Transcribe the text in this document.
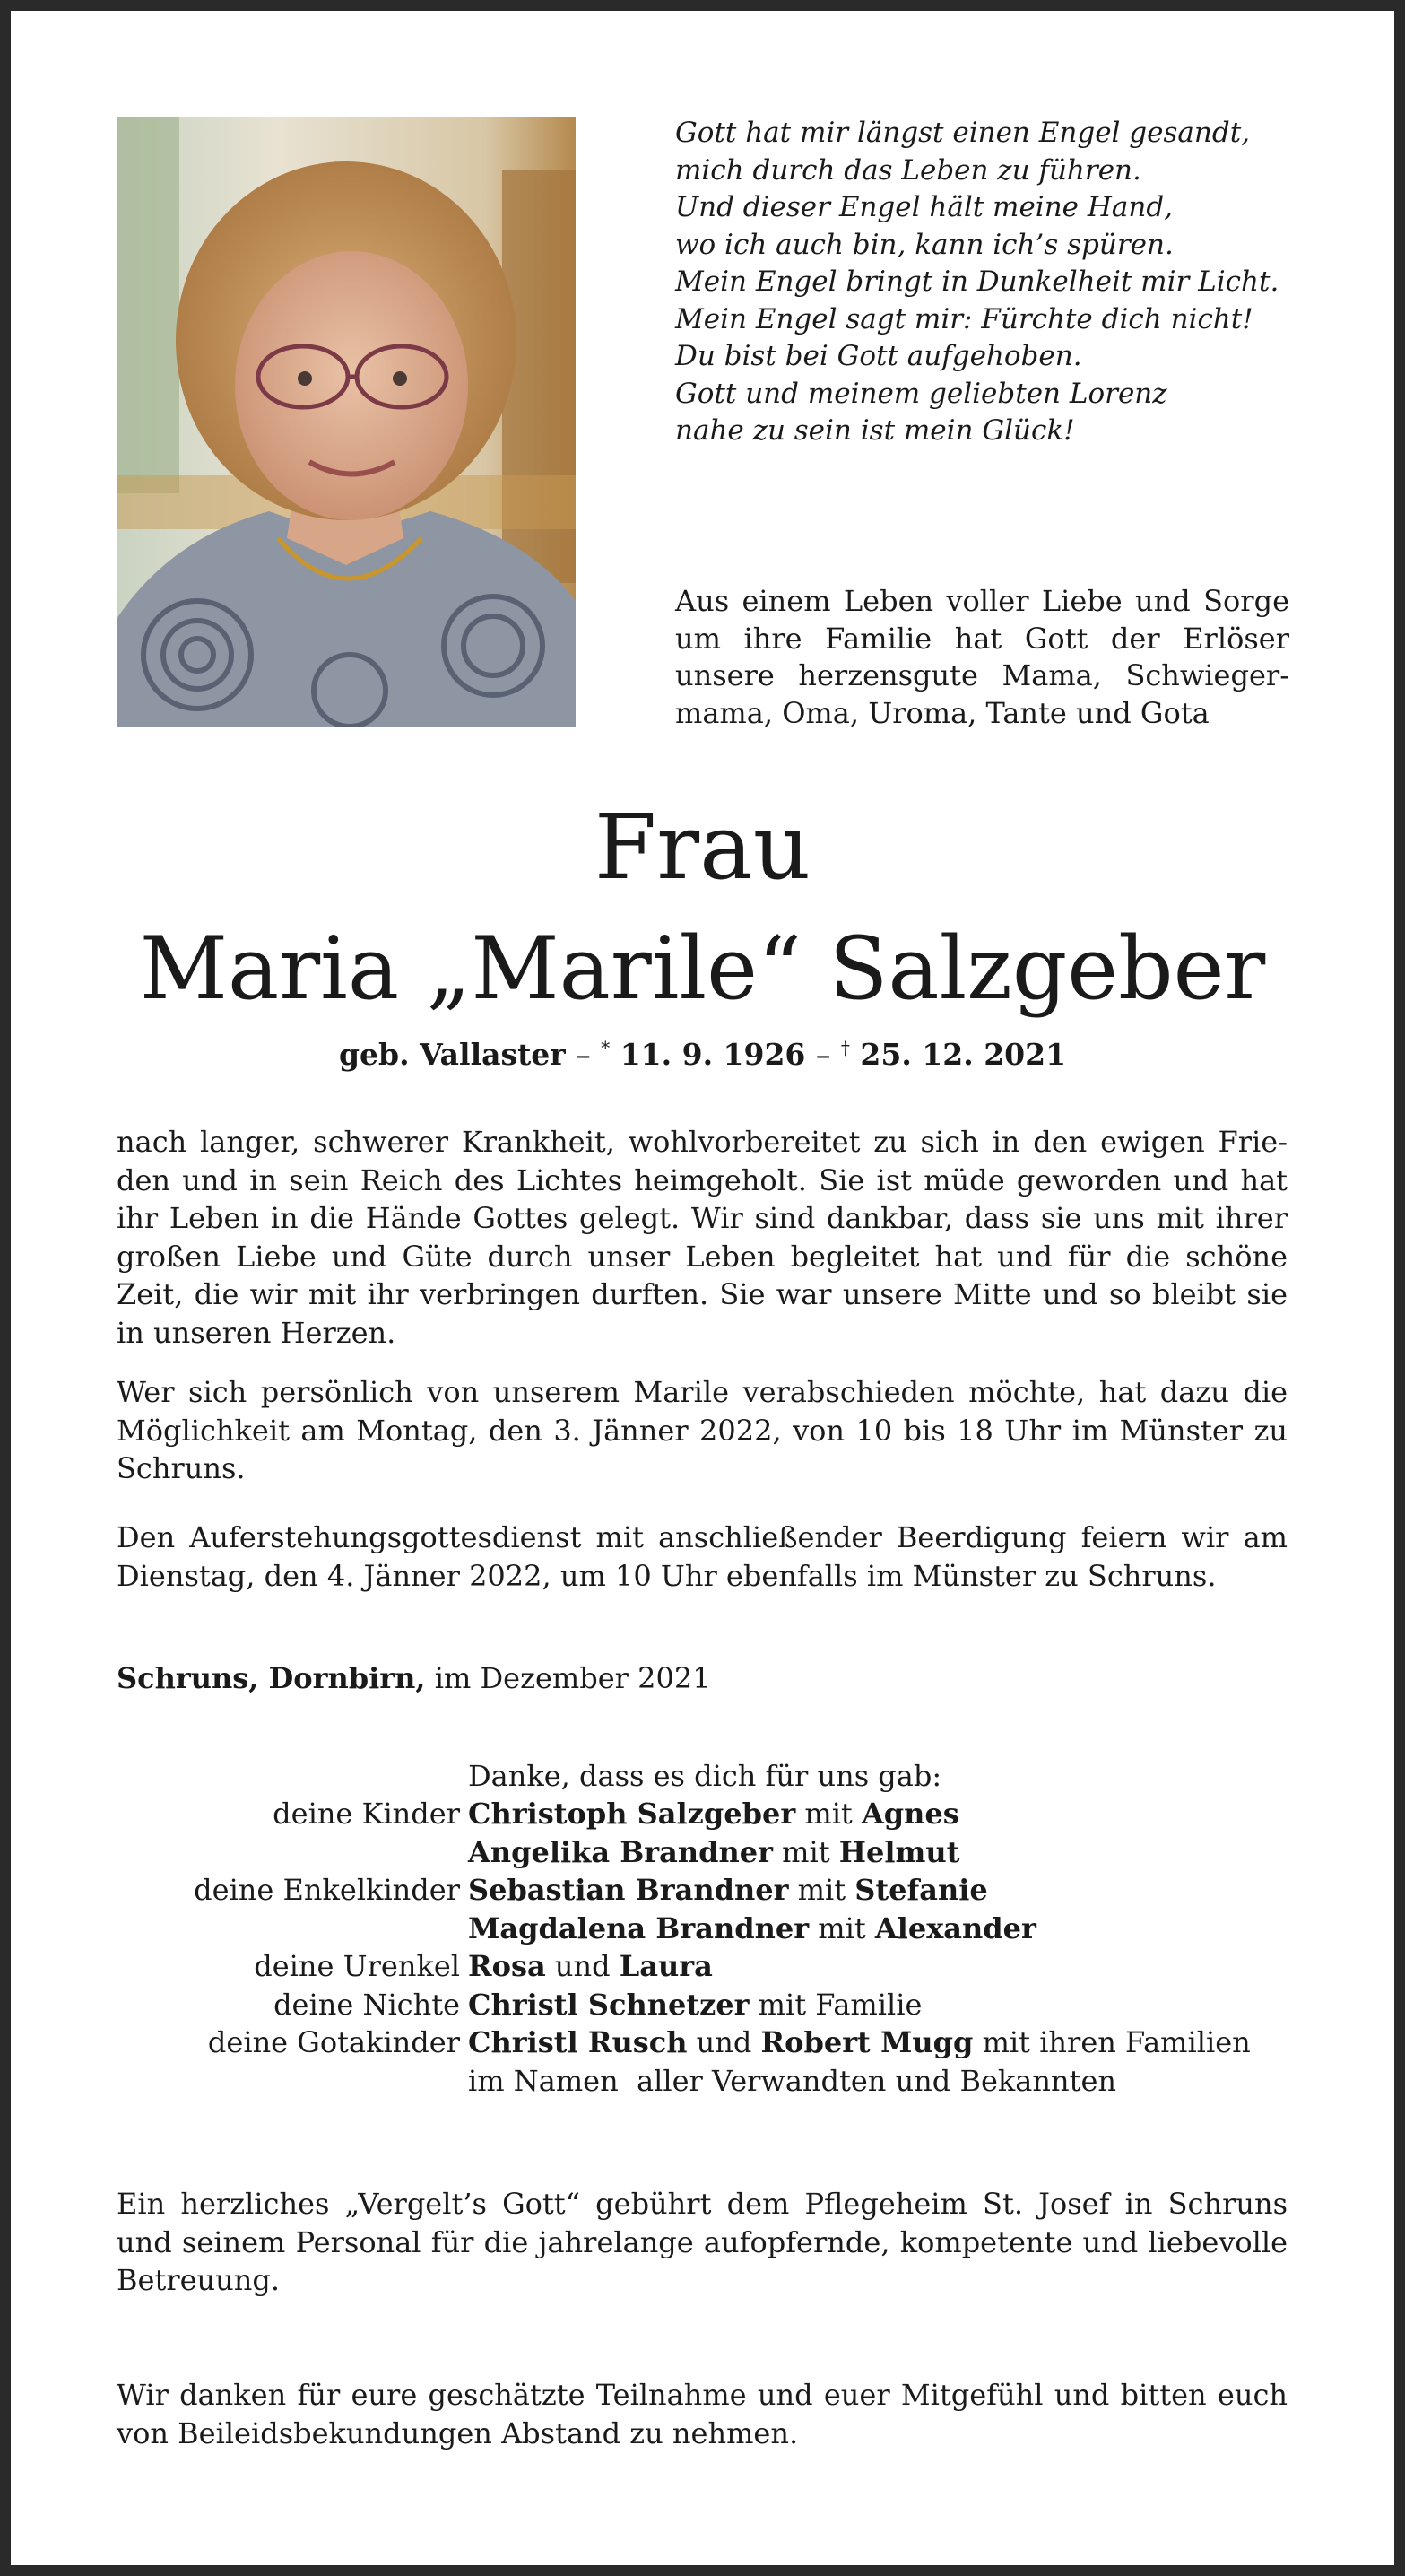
Gott hat mir längst einen Engel gesandt,
mich durch das Leben zu führen.
Und dieser Engel hält meine Hand,
wo ich auch bin, kann ich’s spüren.
Mein Engel bringt in Dunkelheit mir Licht.
Mein Engel sagt mir: Fürchte dich nicht!
Du bist bei Gott aufgehoben.
Gott und meinem geliebten Lorenz
nahe zu sein ist mein Glück!
Aus einem Leben voller Liebe und Sorge um ihre Familie hat Gott der Erlöser unsere herzensgute Mama, Schwiegermama, Oma, Uroma, Tante und Gota
Frau
Maria „Marile“ Salzgeber
geb. Vallaster – * 11. 9. 1926 – † 25. 12. 2021
nach langer, schwerer Krankheit, wohlvorbereitet zu sich in den ewigen Frieden und in sein Reich des Lichtes heimgeholt. Sie ist müde geworden und hat ihr Leben in die Hände Gottes gelegt. Wir sind dankbar, dass sie uns mit ihrer großen Liebe und Güte durch unser Leben begleitet hat und für die schöne Zeit, die wir mit ihr verbringen durften. Sie war unsere Mitte und so bleibt sie in unseren Herzen.
Wer sich persönlich von unserem Marile verabschieden möchte, hat dazu die Möglichkeit am Montag, den 3. Jänner 2022, von 10 bis 18 Uhr im Münster zu Schruns.
Den Auferstehungsgottesdienst mit anschließender Beerdigung feiern wir am Dienstag, den 4. Jänner 2022, um 10 Uhr ebenfalls im Münster zu Schruns.
Schruns, Dornbirn, im Dezember 2021
Danke, dass es dich für uns gab:
deine Kinder	Christoph Salzgeber mit Agnes
	Angelika Brandner mit Helmut
deine Enkelkinder	Sebastian Brandner mit Stefanie
	Magdalena Brandner mit Alexander
deine Urenkel	Rosa und Laura
deine Nichte	Christl Schnetzer mit Familie
deine Gotakinder	Christl Rusch und Robert Mugg mit ihren Familien
	im Namen  aller Verwandten und Bekannten
Ein herzliches „Vergelt’s Gott“ gebührt dem Pflegeheim St. Josef in Schruns und seinem Personal für die jahrelange aufopfernde, kompetente und liebevolle Betreuung.
Wir danken für eure geschätzte Teilnahme und euer Mitgefühl und bitten euch von Beileidsbekundungen Abstand zu nehmen.
